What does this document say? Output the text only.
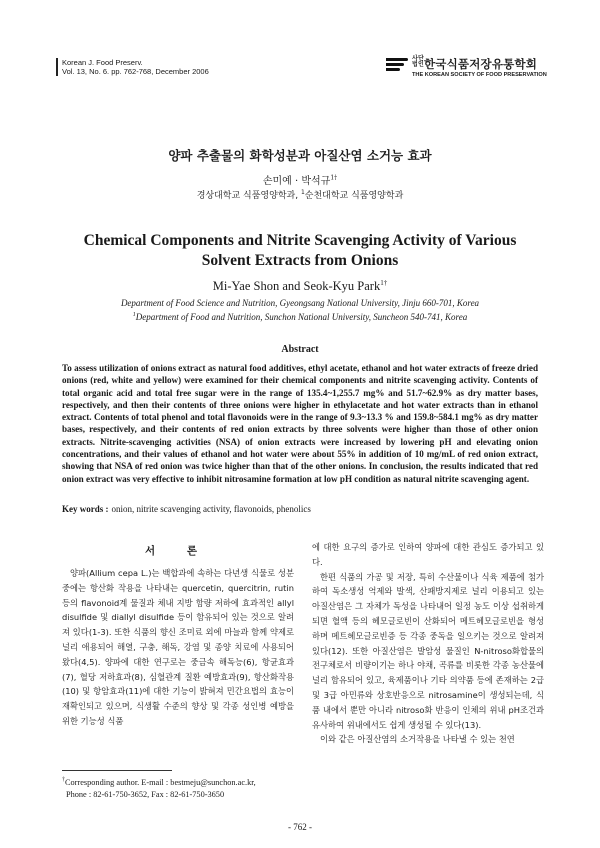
Korean J. Food Preserv.
Vol. 13, No. 6. pp. 762-768, December 2006
사단
법인한국식품저장유통학회
THE KOREAN SOCIETY OF FOOD PRESERVATION
양파 추출물의 화학성분과 아질산염 소거능 효과
손미예 · 박석규$^{1\dagger}$
경상대학교 식품영양학과, $^1$순천대학교 식품영양학과
Chemical Components and Nitrite Scavenging Activity of Various
Solvent Extracts from Onions
Mi-Yae Shon and Seok-Kyu Park$^{1\dagger}$
Department of Food Science and Nutrition, Gyeongsang National University, Jinju 660-701, Korea
$^1$Department of Food and Nutrition, Sunchon National University, Suncheon 540-741, Korea
Abstract
To assess utilization of onions extract as natural food additives, ethyl acetate, ethanol and hot water extracts of freeze dried onions (red, white and yellow) were examined for their chemical components and nitrite scavenging activity. Contents of total organic acid and total free sugar were in the range of 135.4~1,255.7 mg% and 51.7~62.9% as dry matter bases, respectively, and then their contents of three onions were higher in ethylacetate and hot water extracts than in ethanol extract. Contents of total phenol and total flavonoids were in the range of 9.3~13.3 % and 159.8~584.1 mg% as dry matter bases, respectively, and their contents of red onion extracts by three solvents were higher than those of other onion extracts. Nitrite-scavenging activities (NSA) of onion extracts were increased by lowering pH and elevating onion concentrations, and their values of ethanol and hot water were about 55% in addition of 10 mg/mL of red onion extract, showing that NSA of red onion was twice higher than that of the other onions. In conclusion, the results indicated that red onion extract was very effective to inhibit nitrosamine formation at low pH condition as natural nitrite scavenging agent.
Key words : onion, nitrite scavenging activity, flavonoids, phenolics
서 론

양파(Allium cepa L.)는 백합과에 속하는 다년생 식물로 성분 중에는 항산화 작용을 나타내는 quercetin, quercitrin, rutin 등의 flavonoid계 물질과 체내 지방 함량 저하에 효과적인 allyl disulfide 및 diallyl disulfide 등이 함유되어 있는 것으로 알려져 있다(1-3). 또한 식품의 향신 조미료 외에 마늘과 함께 약제로 널리 애용되어 해열, 구충, 해독, 강염 및 종양 치료에 사용되어 왔다(4,5). 양파에 대한 연구로는 중금속 해독능(6), 항균효과(7), 혈당 저하효과(8), 심혈관계 질환 예방효과(9), 항산화작용(10) 및 항암효과(11)에 대한 기능이 밝혀져 민간요법의 효능이 재확인되고 있으며, 식생활 수준의 향상 및 각종 성인병 예방을 위한 기능성 식품

에 대한 요구의 증가로 인하여 양파에 대한 관심도 증가되고 있다.

한편 식품의 가공 및 저장, 특히 수산물이나 식육 제품에 첨가하여 독소생성 억제와 발색, 산패방지제로 널리 이용되고 있는 아질산염은 그 자체가 독성을 나타내어 일정 농도 이상 섭취하게 되면 혈액 등의 헤모글로빈이 산화되어 메트헤모글로빈을 형성하며 메트헤모글로빈증 등 각종 중독을 일으키는 것으로 알려져 있다(12). 또한 아질산염은 발암성 물질인 N-nitroso화합물의 전구체로서 비량이기는 하나 야채, 곡류를 비롯한 각종 농산물에 널리 함유되어 있고, 육제품이나 기타 의약품 등에 존재하는 2급 및 3급 아민류와 상호반응으로 nitrosamine이 생성되는데, 식품 내에서 뿐만 아니라 nitroso화 반응이 인체의 위내 pH조건과 유사하여 위내에서도 쉽게 생성될 수 있다(13).

이와 같은 아질산염의 소거작용을 나타낼 수 있는 천연

†Corresponding author. E-mail : bestmeju@sunchon.ac.kr,
Phone : 82-61-750-3652, Fax : 82-61-750-3650
- 762 -
